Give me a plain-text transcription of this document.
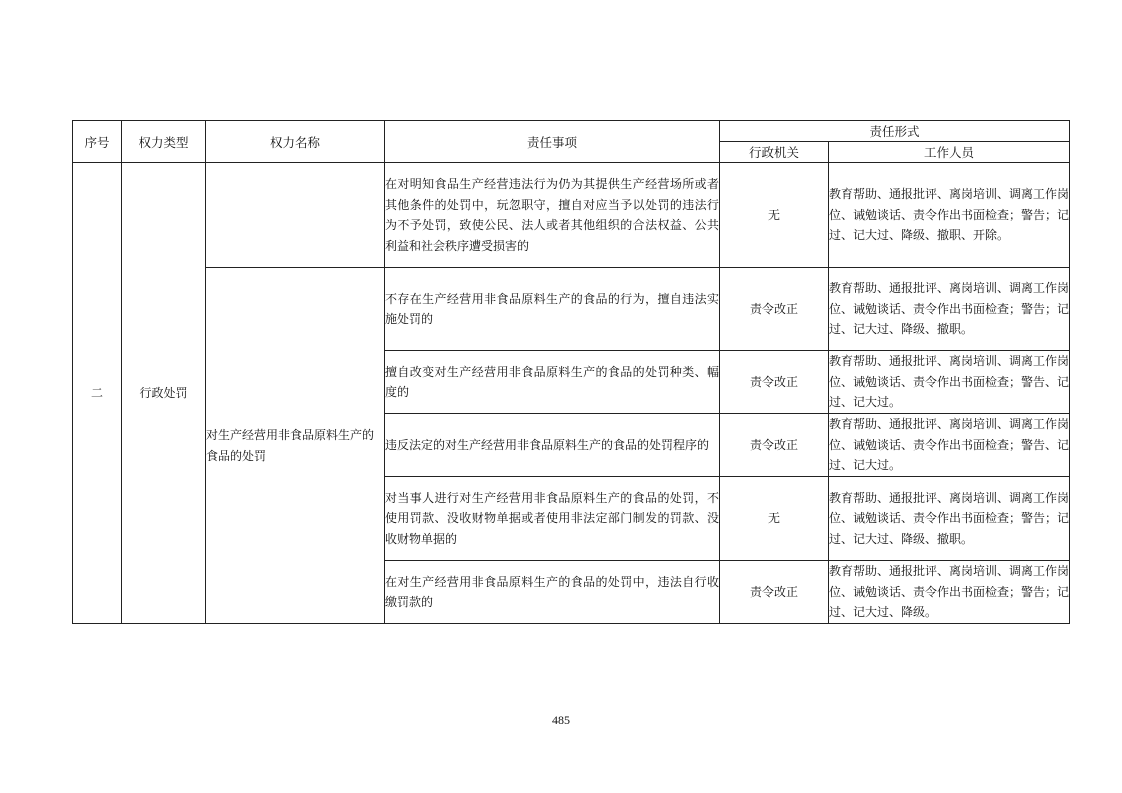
序号	权力类型	权力名称	责任事项	责任形式	
				行政机关	工作人员
二	行政处罚		在对明知食品生产经营违法行为仍为其提供生产经营场所或者其他条件的处罚中，玩忽职守，擅自对应当予以处罚的违法行为不予处罚，致使公民、法人或者其他组织的合法权益、公共利益和社会秩序遭受损害的	无	教育帮助、通报批评、离岗培训、调离工作岗位、诫勉谈话、责令作出书面检查；警告；记过、记大过、降级、撤职、开除。
		对生产经营用非食品原料生产的食品的处罚	不存在生产经营用非食品原料生产的食品的行为，擅自违法实施处罚的	责令改正	教育帮助、通报批评、离岗培训、调离工作岗位、诫勉谈话、责令作出书面检查；警告；记过、记大过、降级、撤职。
			擅自改变对生产经营用非食品原料生产的食品的处罚种类、幅度的	责令改正	教育帮助、通报批评、离岗培训、调离工作岗位、诫勉谈话、责令作出书面检查；警告、记过、记大过。
			违反法定的对生产经营用非食品原料生产的食品的处罚程序的	责令改正	教育帮助、通报批评、离岗培训、调离工作岗位、诫勉谈话、责令作出书面检查；警告、记过、记大过。
			对当事人进行对生产经营用非食品原料生产的食品的处罚，不使用罚款、没收财物单据或者使用非法定部门制发的罚款、没收财物单据的	无	教育帮助、通报批评、离岗培训、调离工作岗位、诫勉谈话、责令作出书面检查；警告；记过、记大过、降级、撤职。
			在对生产经营用非食品原料生产的食品的处罚中，违法自行收缴罚款的	责令改正	教育帮助、通报批评、离岗培训、调离工作岗位、诫勉谈话、责令作出书面检查；警告；记过、记大过、降级。
485
